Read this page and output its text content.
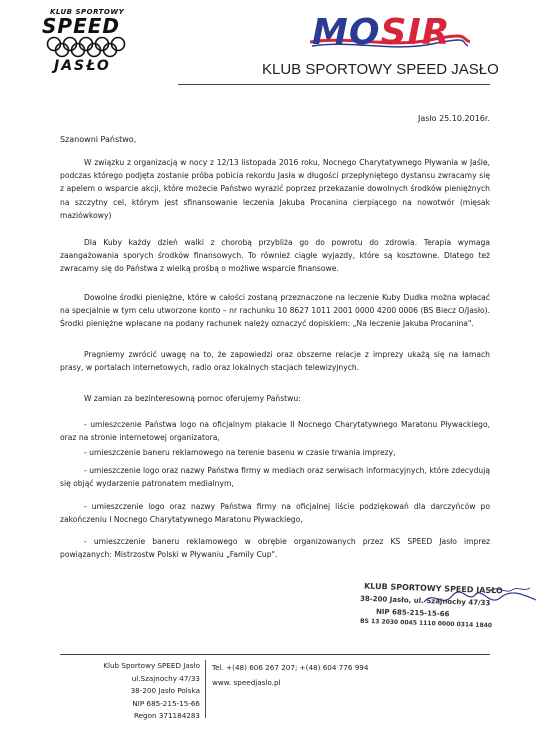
KLUB SPORTOWY
SPEED
JASŁO
MOSIR
KLUB SPORTOWY SPEED JASŁO
Jasło 25.10.2016r.
Szanowni Państwo,
W związku z organizacją w nocy z 12/13 listopada 2016 roku, Nocnego Charytatywnego Pływania w Jaśle, podczas którego podjęta zostanie próba pobicia rekordu Jasła w długości przepłyniętego dystansu zwracamy się z apelem o wsparcie akcji, które możecie Państwo wyrazić poprzez przekazanie dowolnych środków pieniężnych na szczytny cel, którym jest sfinansowanie leczenia Jakuba Procanina cierpiącego na nowotwór (mięsak maziówkowy)
Dla Kuby każdy dzień walki z chorobą przybliża go do powrotu do zdrowia. Terapia wymaga zaangażowania sporych środków finansowych. To również ciągłe wyjazdy, które są kosztowne. Dlatego też zwracamy się do Państwa z wielką prośbą o możliwe wsparcie finansowe.
Dowolne środki pieniężne, które w całości zostaną przeznaczone na leczenie Kuby Dudka można wpłacać na specjalnie w tym celu utworzone konto – nr rachunku 10 8627 1011 2001 0000 4200 0006 (BS Biecz O/Jasło). Środki pieniężne wpłacane na podany rachunek należy oznaczyć dopiskiem: „Na leczenie Jakuba Procanina".
Pragniemy zwrócić uwagę na to, że zapowiedzi oraz obszerne relacje z imprezy ukażą się na łamach prasy, w portalach internetowych, radio oraz lokalnych stacjach telewizyjnych.
W zamian za bezinteresowną pomoc oferujemy Państwu:
- umieszczenie Państwa logo na oficjalnym plakacie II Nocnego Charytatywnego Maratonu Pływackiego, oraz na stronie internetowej organizatora,
- umieszczenie baneru reklamowego na terenie basenu w czasie trwania imprezy,
- umieszczenie logo oraz nazwy Państwa firmy w mediach oraz serwisach informacyjnych, które zdecydują się objąć wydarzenie patronatem medialnym,
- umieszczenie logo oraz nazwy Państwa firmy na oficjalnej liście podziękowań dla darczyńców po zakończeniu I Nocnego Charytatywnego Maratonu Pływackiego,
- umieszczenie baneru reklamowego w obrębie organizowanych przez KS SPEED Jasło imprez powiązanych: Mistrzostw Polski w Pływaniu „Family Cup".
KLUB SPORTOWY SPEED JASŁO
38-200 Jasło, ul. Szajnochy 47/33
NIP 685-215-15-66
BS 13 2030 0045 1110 0000 0314 1840
Klub Sportowy SPEED Jasło
ul.Szajnochy 47/33
38-200 Jasło Polska
NIP 685-215-15-66
Regon 371184283
Tel. +(48) 606 267 207; +(48) 604 776 994
www. speedjaslo.pl
